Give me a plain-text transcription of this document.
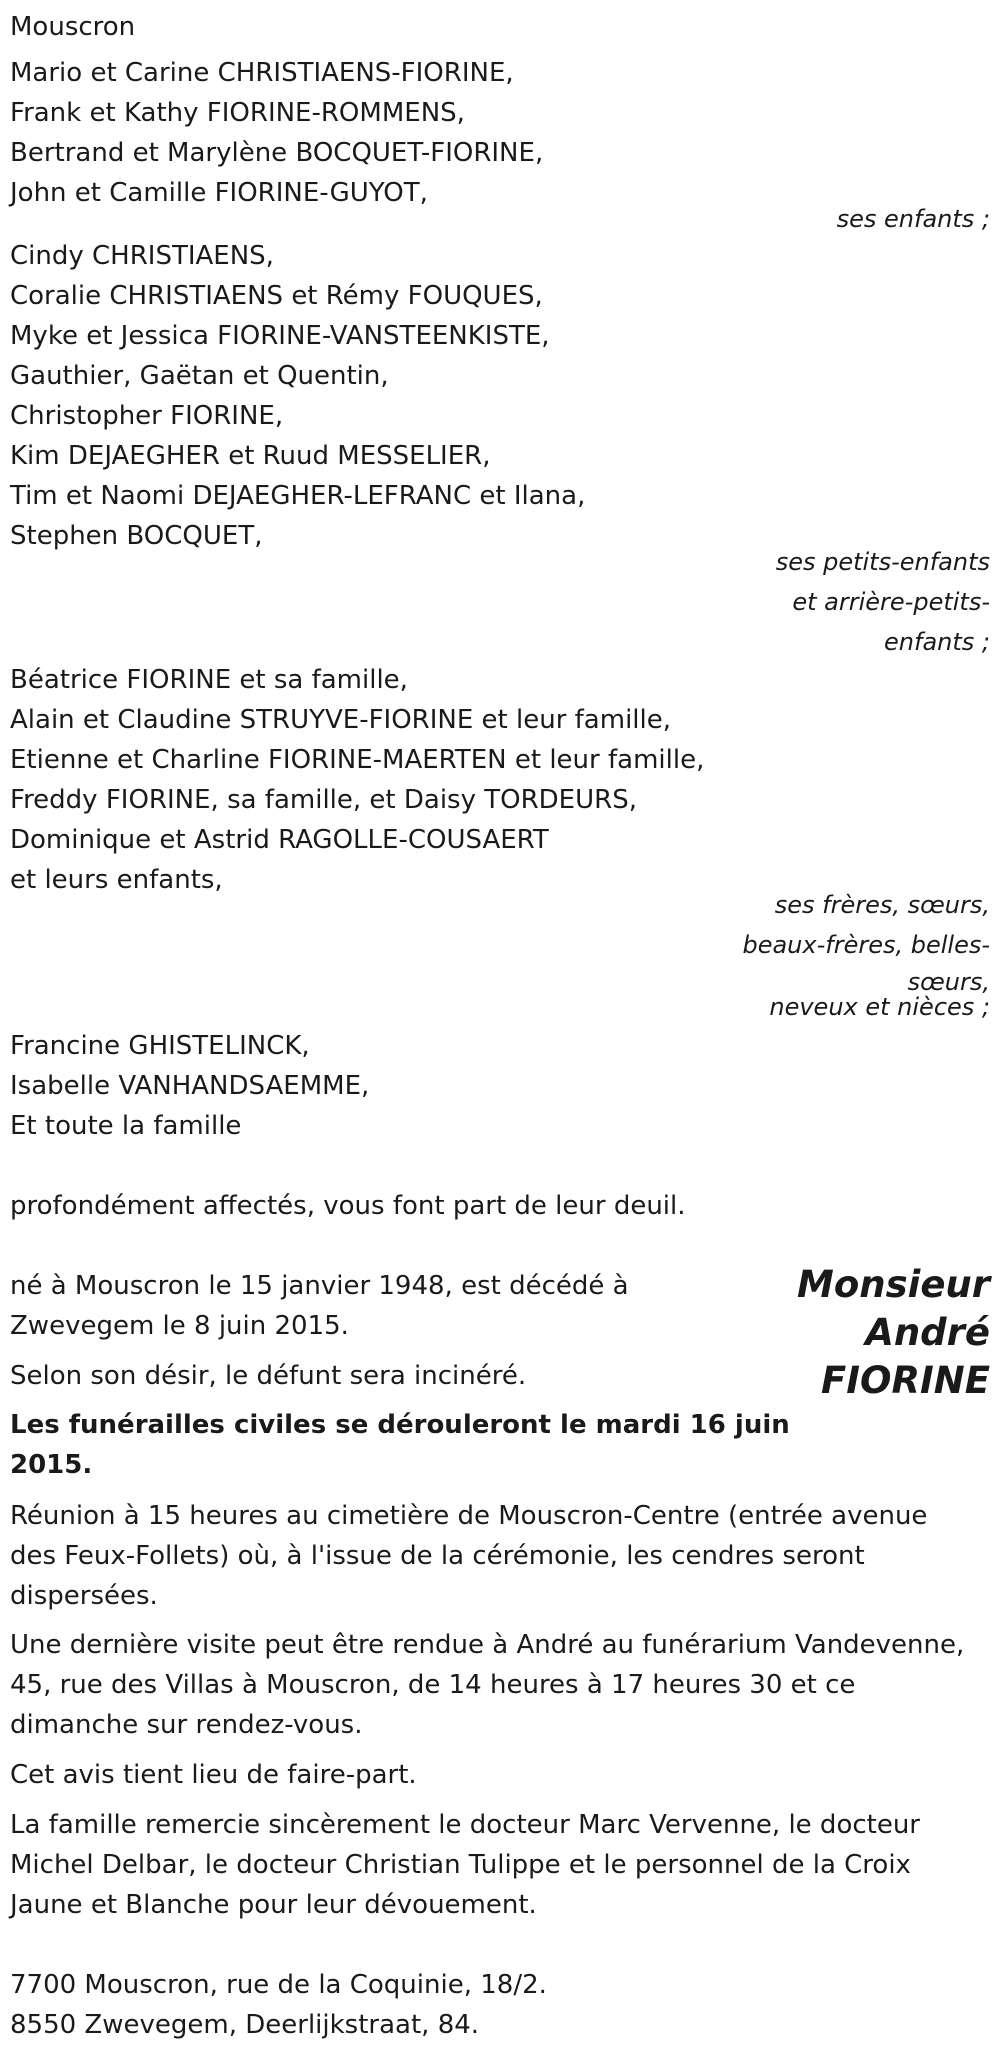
Mouscron
Mario et Carine CHRISTIAENS-FIORINE,
Frank et Kathy FIORINE-ROMMENS,
Bertrand et Marylène BOCQUET-FIORINE,
John et Camille FIORINE-GUYOT,
ses enfants ;
Cindy CHRISTIAENS,
Coralie CHRISTIAENS et Rémy FOUQUES,
Myke et Jessica FIORINE-VANSTEENKISTE,
Gauthier, Gaëtan et Quentin,
Christopher FIORINE,
Kim DEJAEGHER et Ruud MESSELIER,
Tim et Naomi DEJAEGHER-LEFRANC et Ilana,
Stephen BOCQUET,
ses petits-enfants
et arrière-petits-
enfants ;
Béatrice FIORINE et sa famille,
Alain et Claudine STRUYVE-FIORINE et leur famille,
Etienne et Charline FIORINE-MAERTEN et leur famille,
Freddy FIORINE, sa famille, et Daisy TORDEURS,
Dominique et Astrid RAGOLLE-COUSAERT
et leurs enfants,
ses frères, sœurs,
beaux-frères, belles-
sœurs,
neveux et nièces ;
Francine GHISTELINCK,
Isabelle VANHANDSAEMME,
Et toute la famille
profondément affectés, vous font part de leur deuil.
Monsieur
André
FIORINE
né à Mouscron le 15 janvier 1948, est décédé à
Zwevegem le 8 juin 2015.
Selon son désir, le défunt sera incinéré.
Les funérailles civiles se dérouleront le mardi 16 juin
2015.
Réunion à 15 heures au cimetière de Mouscron-Centre (entrée avenue
des Feux-Follets) où, à l'issue de la cérémonie, les cendres seront
dispersées.
Une dernière visite peut être rendue à André au funérarium Vandevenne,
45, rue des Villas à Mouscron, de 14 heures à 17 heures 30 et ce
dimanche sur rendez-vous.
Cet avis tient lieu de faire-part.
La famille remercie sincèrement le docteur Marc Vervenne, le docteur
Michel Delbar, le docteur Christian Tulippe et le personnel de la Croix
Jaune et Blanche pour leur dévouement.
7700 Mouscron, rue de la Coquinie, 18/2.
8550 Zwevegem, Deerlijkstraat, 84.
